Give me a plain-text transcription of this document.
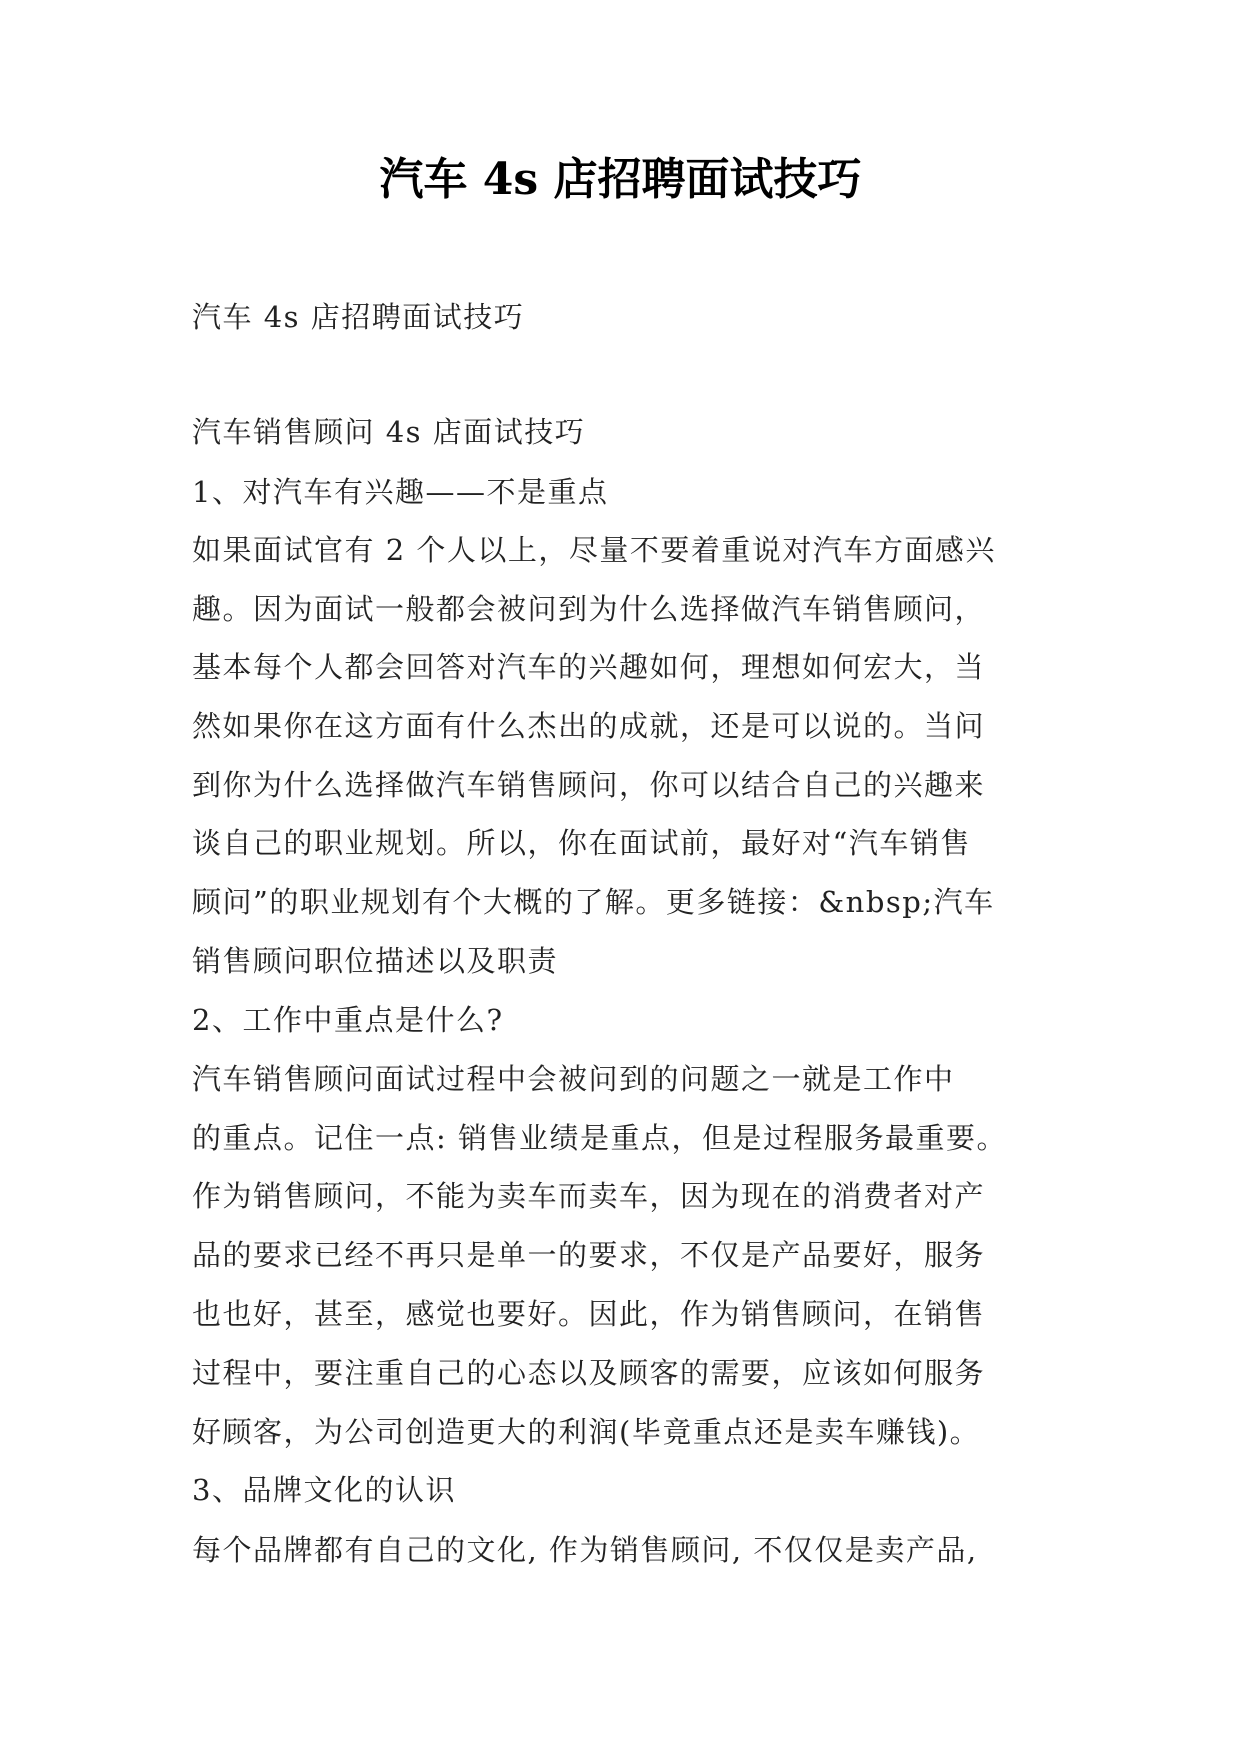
汽车 4s 店招聘面试技巧
汽车 4s 店招聘面试技巧
汽车销售顾问 4s 店面试技巧
1、对汽车有兴趣——不是重点
如果面试官有 2 个人以上，尽量不要着重说对汽车方面感兴
趣。因为面试一般都会被问到为什么选择做汽车销售顾问，
基本每个人都会回答对汽车的兴趣如何，理想如何宏大，当
然如果你在这方面有什么杰出的成就，还是可以说的。当问
到你为什么选择做汽车销售顾问，你可以结合自己的兴趣来
谈自己的职业规划。所以，你在面试前，最好对“汽车销售
顾问”的职业规划有个大概的了解。更多链接：&nbsp;汽车
销售顾问职位描述以及职责
2、工作中重点是什么?
汽车销售顾问面试过程中会被问到的问题之一就是工作中
的重点。记住一点: 销售业绩是重点，但是过程服务最重要。
作为销售顾问，不能为卖车而卖车，因为现在的消费者对产
品的要求已经不再只是单一的要求，不仅是产品要好，服务
也也好，甚至，感觉也要好。因此，作为销售顾问，在销售
过程中，要注重自己的心态以及顾客的需要，应该如何服务
好顾客，为公司创造更大的利润(毕竟重点还是卖车赚钱)。
3、品牌文化的认识
每个品牌都有自己的文化, 作为销售顾问, 不仅仅是卖产品,
